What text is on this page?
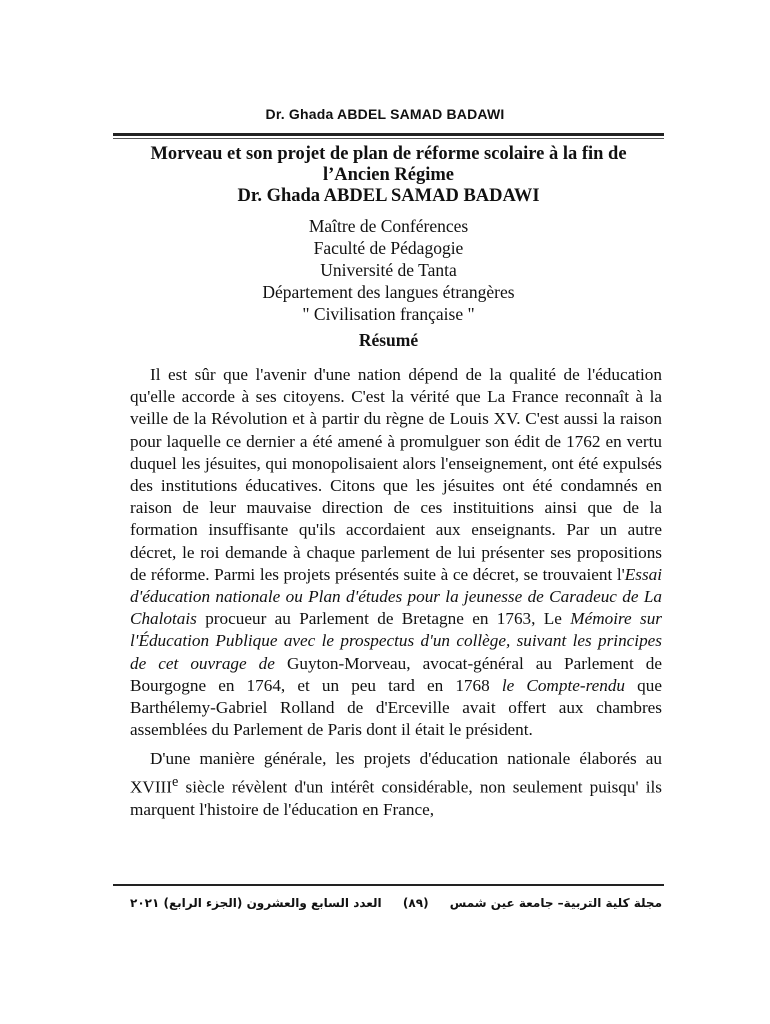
Dr. Ghada ABDEL SAMAD BADAWI
Morveau et son projet de plan de réforme scolaire à la fin de
l’Ancien Régime
Dr. Ghada ABDEL SAMAD BADAWI
Maître de Conférences
Faculté de Pédagogie
Université de Tanta
Département des langues étrangères
" Civilisation française "
Résumé

Il est sûr que l'avenir d'une nation dépend de la qualité de l'éducation qu'elle accorde à ses citoyens. C'est la vérité que La France reconnaît à la veille de la Révolution et à partir du règne de Louis XV. C'est aussi la raison pour laquelle ce dernier a été amené à promulguer son édit de 1762 en vertu duquel les jésuites, qui monopolisaient alors l'enseignement, ont été expulsés des institutions éducatives. Citons que les jésuites ont été condamnés en raison de leur mauvaise direction de ces instituitions ainsi que de la formation insuffisante qu'ils accordaient aux enseignants. Par un autre décret, le roi demande à chaque parlement de lui présenter ses propositions de réforme. Parmi les projets présentés suite à ce décret, se trouvaient l'Essai d'éducation nationale ou Plan d'études pour la jeunesse de Caradeuc de La Chalotais procueur au Parlement de Bretagne en 1763, Le Mémoire sur l'Éducation Publique avec le prospectus d'un collège, suivant les principes de cet ouvrage de Guyton-Morveau, avocat-général au Parlement de Bourgogne en 1764, et un peu tard en 1768 le Compte-rendu que Barthélemy-Gabriel Rolland de d'Erceville avait offert aux chambres assemblées du Parlement de Paris dont il était le président.

D'une manière générale, les projets d'éducation nationale élaborés au XVIIIe siècle révèlent d'un intérêt considérable, non seulement puisqu' ils marquent l'histoire de l'éducation en France,

مجلة كلية التربية– جامعة عين شمس
(٨٩)
العدد السابع والعشرون (الجزء الرابع) ٢٠٢١
